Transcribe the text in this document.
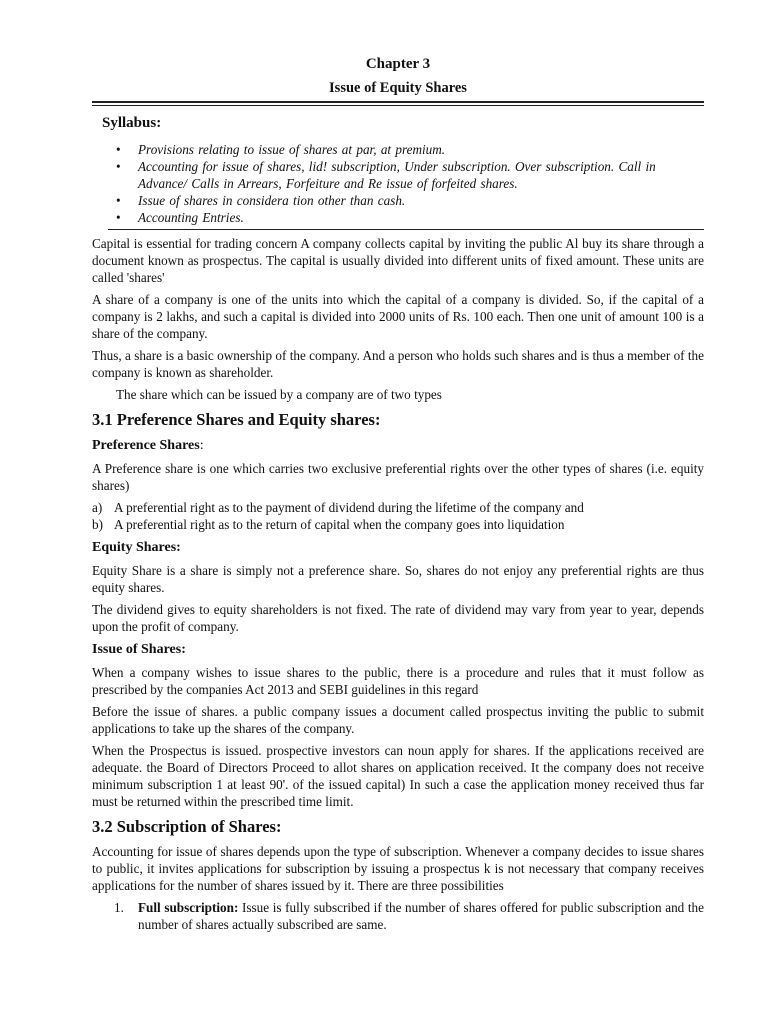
Chapter 3
Issue of Equity Shares
Syllabus:
• Provisions relating to issue of shares at par, at premium.
• Accounting for issue of shares, lid! subscription, Under subscription. Over subscription. Call in Advance/ Calls in Arrears, Forfeiture and Re issue of forfeited shares.
• Issue of shares in considera tion other than cash.
• Accounting Entries.

Capital is essential for trading concern A company collects capital by inviting the public Al buy its share through a document known as prospectus. The capital is usually divided into different units of fixed amount. These units are called 'shares'

A share of a company is one of the units into which the capital of a company is divided. So, if the capital of a company is 2 lakhs, and such a capital is divided into 2000 units of Rs. 100 each. Then one unit of amount 100 is a share of the company.

Thus, a share is a basic ownership of the company. And a person who holds such shares and is thus a member of the company is known as shareholder.

The share which can be issued by a company are of two types

3.1 Preference Shares and Equity shares:
Preference Shares:

A Preference share is one which carries two exclusive preferential rights over the other types of shares (i.e. equity shares)

a) A preferential right as to the payment of dividend during the lifetime of the company and
b) A preferential right as to the return of capital when the company goes into liquidation
Equity Shares:

Equity Share is a share is simply not a preference share. So, shares do not enjoy any preferential rights are thus equity shares.

The dividend gives to equity shareholders is not fixed. The rate of dividend may vary from year to year, depends upon the profit of company.

Issue of Shares:

When a company wishes to issue shares to the public, there is a procedure and rules that it must follow as prescribed by the companies Act 2013 and SEBI guidelines in this regard

Before the issue of shares. a public company issues a document called prospectus inviting the public to submit applications to take up the shares of the company.

When the Prospectus is issued. prospective investors can noun apply for shares. If the applications received are adequate. the Board of Directors Proceed to allot shares on application received. It the company does not receive minimum subscription 1 at least 90'. of the issued capital) In such a case the application money received thus far must be returned within the prescribed time limit.

3.2 Subscription of Shares:

Accounting for issue of shares depends upon the type of subscription. Whenever a company decides to issue shares to public, it invites applications for subscription by issuing a prospectus k is not necessary that company receives applications for the number of shares issued by it. There are three possibilities

1. Full subscription: Issue is fully subscribed if the number of shares offered for public subscription and the number of shares actually subscribed are same.
